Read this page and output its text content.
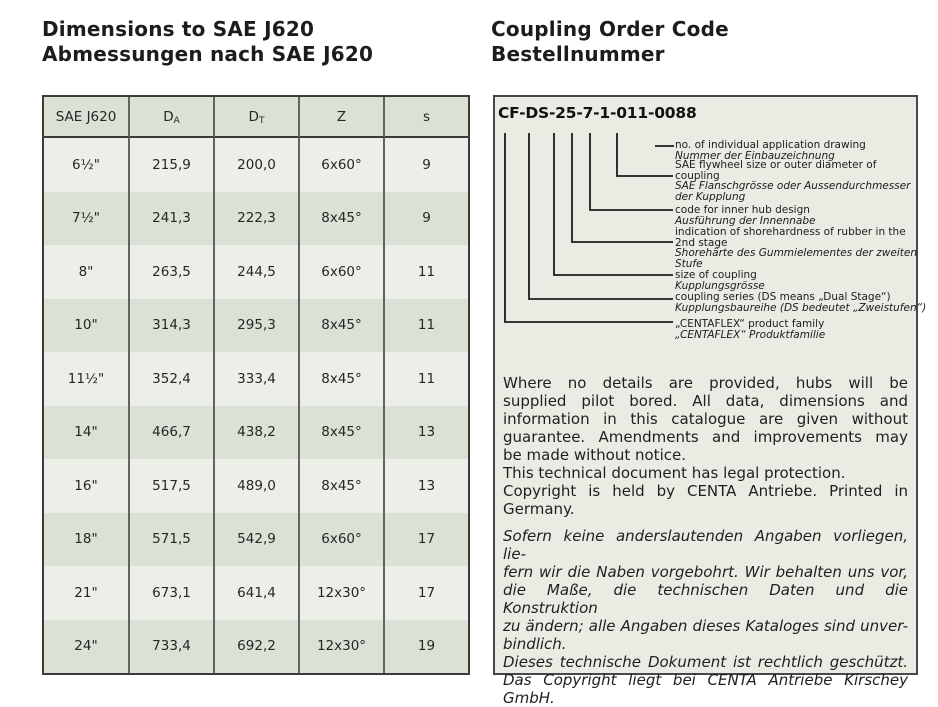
Dimensions to SAE J620
Abmessungen nach SAE J620
Coupling Order Code
Bestellnummer
SAE J620	D A	D T	Z	s
6½"	215,9	200,0	6x60°	9
7½"	241,3	222,3	8x45°	9
8"	263,5	244,5	6x60°	11
10"	314,3	295,3	8x45°	11
11½"	352,4	333,4	8x45°	11
14"	466,7	438,2	8x45°	13
16"	517,5	489,0	8x45°	13
18"	571,5	542,9	6x60°	17
21"	673,1	641,4	12x30°	17
24"	733,4	692,2	12x30°	19
CF-DS-25-7-1-011-0088
no. of individual application drawing
Nummer der Einbauzeichnung
SAE flywheel size or outer diameter of
coupling
SAE Flanschgrösse oder Aussendurchmesser
der Kupplung
code for inner hub design
Ausführung der Innennabe
indication of shorehardness of rubber in the
2nd stage
Shorehärte des Gummielementes der zweiten
Stufe
size of coupling
Kupplungsgrösse
coupling series (DS means „Dual Stage“)
Kupplungsbaureihe (DS bedeutet „Zweistufen“)
„CENTAFLEX“ product family
„CENTAFLEX“ Produktfamilie
Where no details are provided, hubs will be
supplied pilot bored. All data, dimensions and
information in this catalogue are given without
guarantee. Amendments and improvements may
be made without notice.
This technical document has legal protection.
Copyright is held by CENTA Antriebe. Printed in
Germany.
Sofern keine anderslautenden Angaben vorliegen, lie-
fern wir die Naben vorgebohrt. Wir behalten uns vor,
die Maße, die technischen Daten und die Konstruktion
zu ändern; alle Angaben dieses Kataloges sind unver-
bindlich.
Dieses technische Dokument ist rechtlich geschützt.
Das Copyright liegt bei CENTA Antriebe Kirschey
GmbH.
